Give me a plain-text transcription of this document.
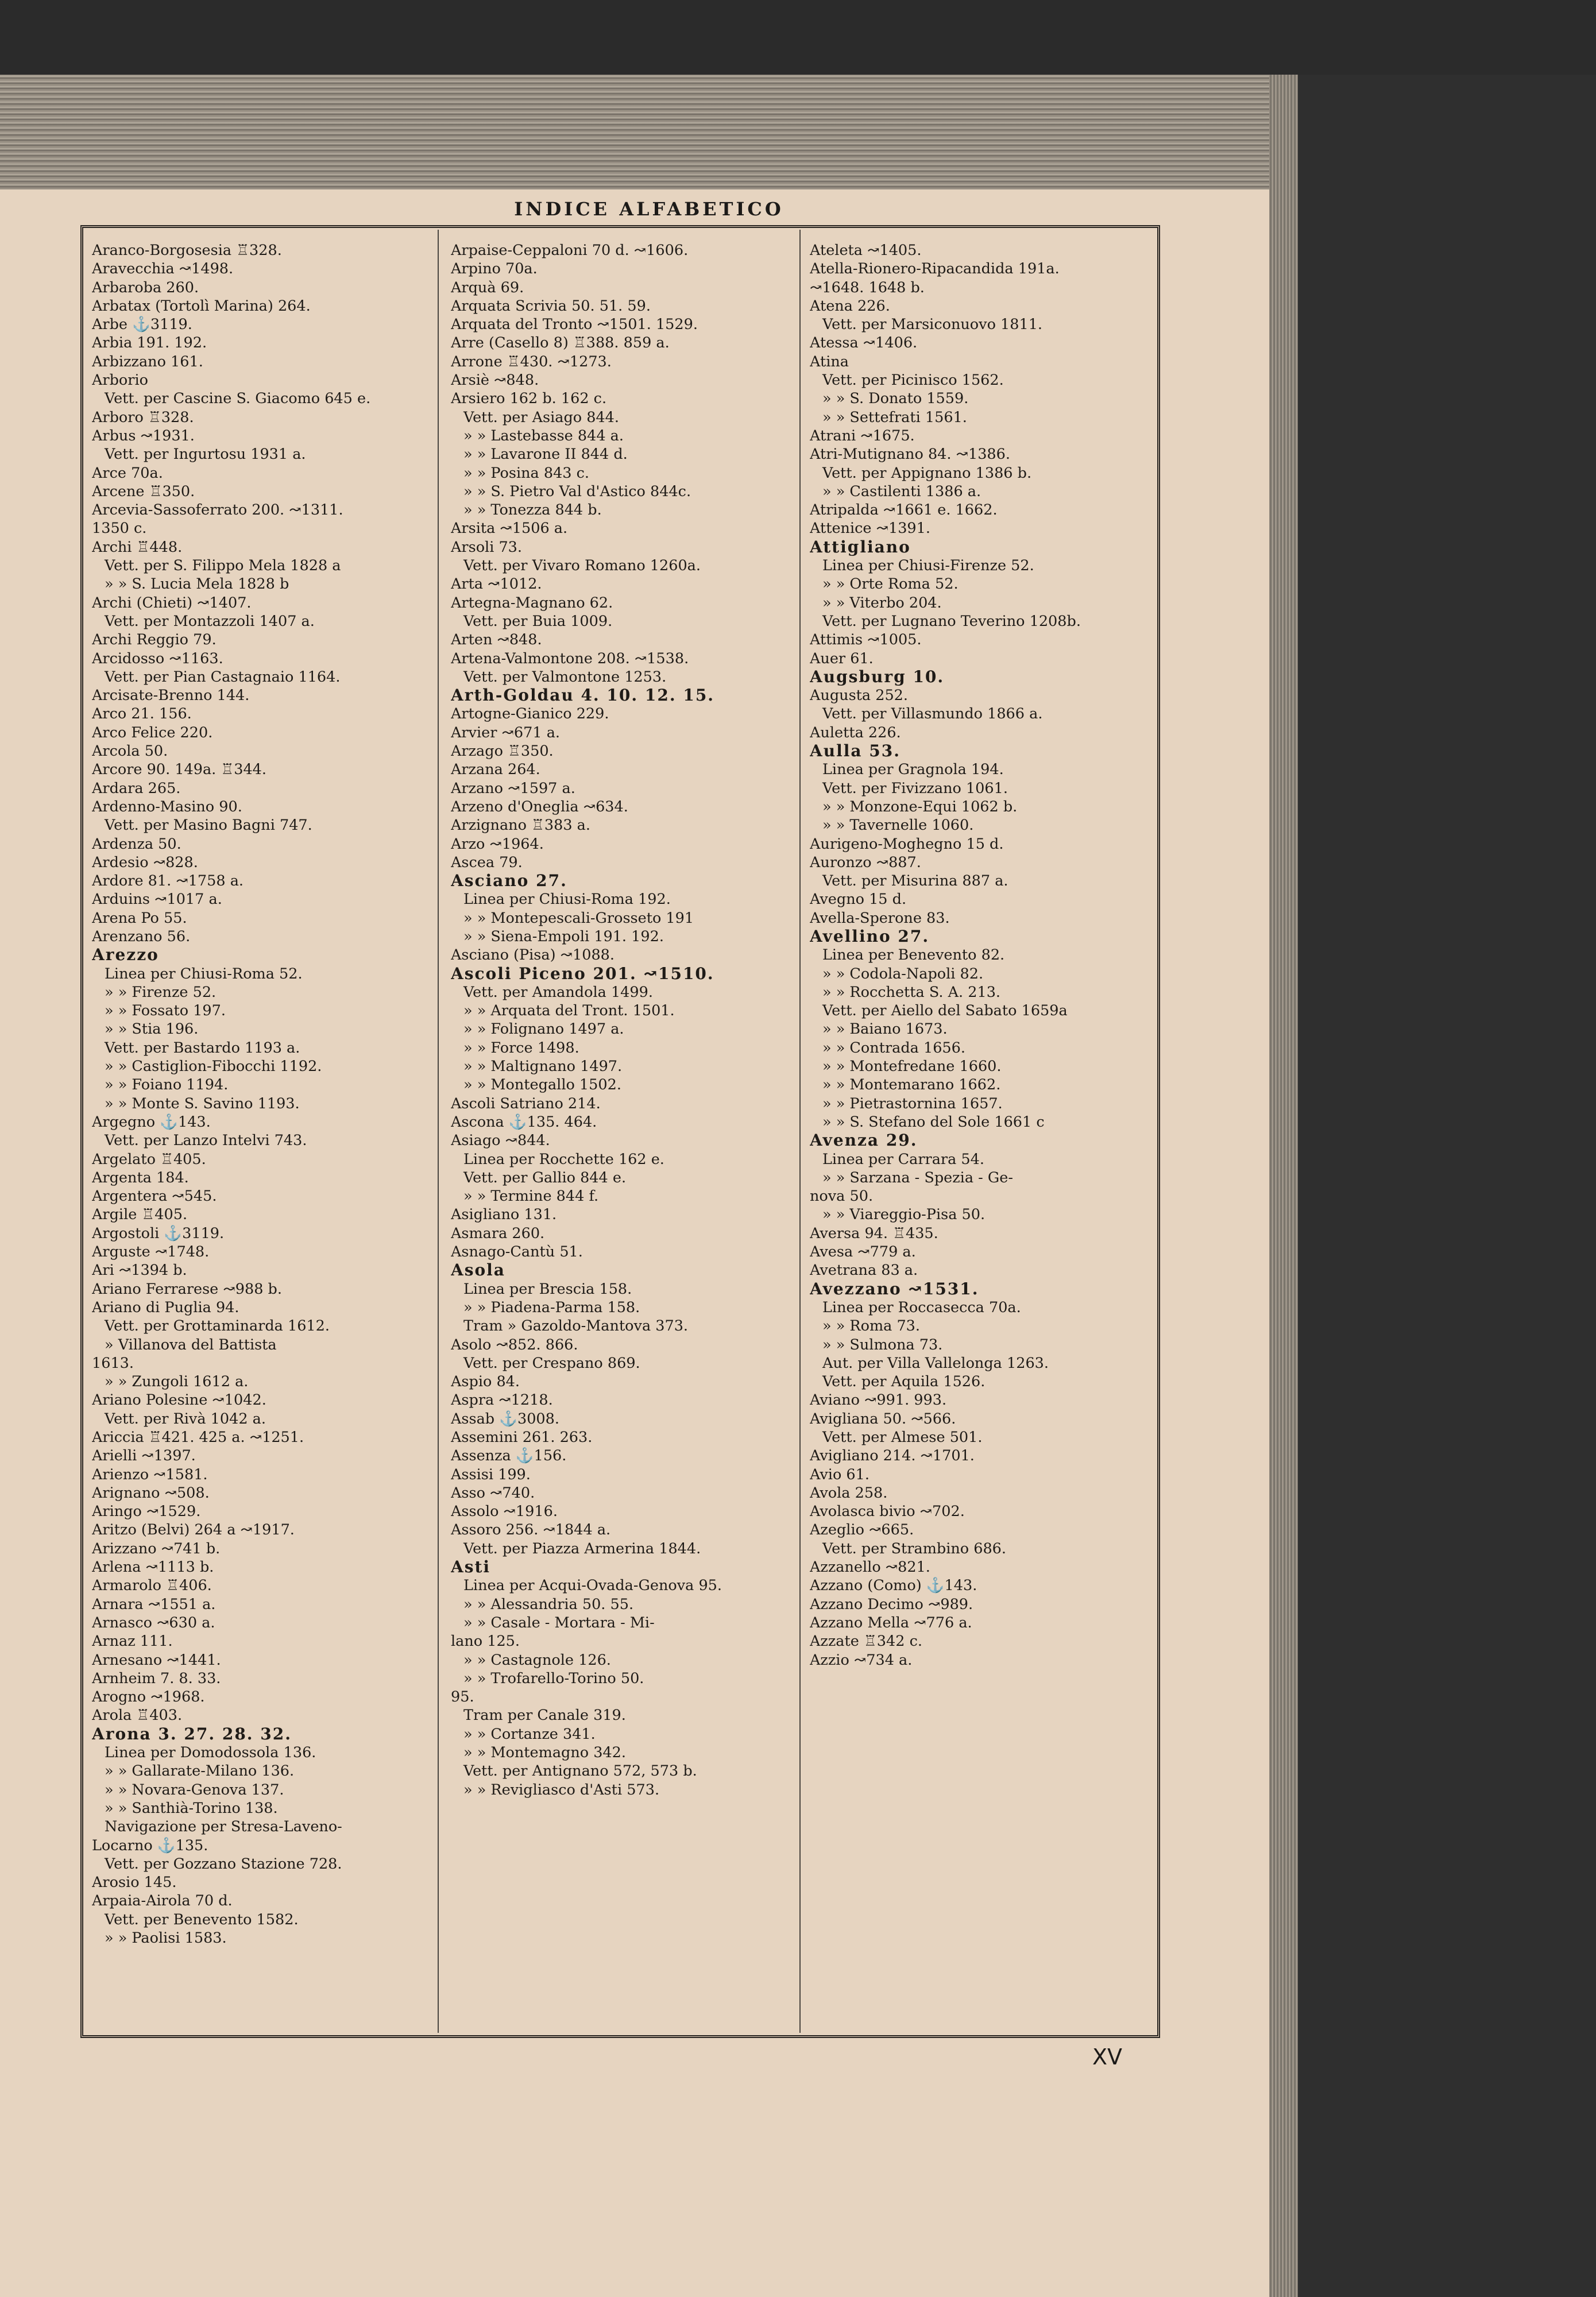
INDICE ALFABETICO
Aranco-Borgosesia ♖328.
Aravecchia ↝1498.
Arbaroba 260.
Arbatax (Tortolì Marina) 264.
Arbe ⚓3119.
Arbia 191. 192.
Arbizzano 161.
Arborio
Vett. per Cascine S. Giacomo 645 e.
Arboro ♖328.
Arbus ↝1931.
Vett. per Ingurtosu 1931 a.
Arce 70a.
Arcene ♖350.
Arcevia-Sassoferrato 200. ↝1311.
1350 c.
Archi ♖448.
Vett. per S. Filippo Mela 1828 a
» » S. Lucia Mela 1828 b
Archi (Chieti) ↝1407.
Vett. per Montazzoli 1407 a.
Archi Reggio 79.
Arcidosso ↝1163.
Vett. per Pian Castagnaio 1164.
Arcisate-Brenno 144.
Arco 21. 156.
Arco Felice 220.
Arcola 50.
Arcore 90. 149a. ♖344.
Ardara 265.
Ardenno-Masino 90.
Vett. per Masino Bagni 747.
Ardenza 50.
Ardesio ↝828.
Ardore 81. ↝1758 a.
Arduins ↝1017 a.
Arena Po 55.
Arenzano 56.
Arezzo
Linea per Chiusi-Roma 52.
» » Firenze 52.
» » Fossato 197.
» » Stia 196.
Vett. per Bastardo 1193 a.
» » Castiglion-Fibocchi 1192.
» » Foiano 1194.
» » Monte S. Savino 1193.
Argegno ⚓143.
Vett. per Lanzo Intelvi 743.
Argelato ♖405.
Argenta 184.
Argentera ↝545.
Argile ♖405.
Argostoli ⚓3119.
Arguste ↝1748.
Ari ↝1394 b.
Ariano Ferrarese ↝988 b.
Ariano di Puglia 94.
Vett. per Grottaminarda 1612.
» Villanova del Battista
1613.
» » Zungoli 1612 a.
Ariano Polesine ↝1042.
Vett. per Rivà 1042 a.
Ariccia ♖421. 425 a. ↝1251.
Arielli ↝1397.
Arienzo ↝1581.
Arignano ↝508.
Aringo ↝1529.
Aritzo (Belvi) 264 a ↝1917.
Arizzano ↝741 b.
Arlena ↝1113 b.
Armarolo ♖406.
Arnara ↝1551 a.
Arnasco ↝630 a.
Arnaz 111.
Arnesano ↝1441.
Arnheim 7. 8. 33.
Arogno ↝1968.
Arola ♖403.
Arona 3. 27. 28. 32.
Linea per Domodossola 136.
» » Gallarate-Milano 136.
» » Novara-Genova 137.
» » Santhià-Torino 138.
Navigazione per Stresa-Laveno-
Locarno ⚓135.
Vett. per Gozzano Stazione 728.
Arosio 145.
Arpaia-Airola 70 d.
Vett. per Benevento 1582.
» » Paolisi 1583.
Arpaise-Ceppaloni 70 d. ↝1606.
Arpino 70a.
Arquà 69.
Arquata Scrivia 50. 51. 59.
Arquata del Tronto ↝1501. 1529.
Arre (Casello 8) ♖388. 859 a.
Arrone ♖430. ↝1273.
Arsiè ↝848.
Arsiero 162 b. 162 c.
Vett. per Asiago 844.
» » Lastebasse 844 a.
» » Lavarone II 844 d.
» » Posina 843 c.
» » S. Pietro Val d'Astico 844c.
» » Tonezza 844 b.
Arsita ↝1506 a.
Arsoli 73.
Vett. per Vivaro Romano 1260a.
Arta ↝1012.
Artegna-Magnano 62.
Vett. per Buia 1009.
Arten ↝848.
Artena-Valmontone 208. ↝1538.
Vett. per Valmontone 1253.
Arth-Goldau 4. 10. 12. 15.
Artogne-Gianico 229.
Arvier ↝671 a.
Arzago ♖350.
Arzana 264.
Arzano ↝1597 a.
Arzeno d'Oneglia ↝634.
Arzignano ♖383 a.
Arzo ↝1964.
Ascea 79.
Asciano 27.
Linea per Chiusi-Roma 192.
» » Montepescali-Grosseto 191
» » Siena-Empoli 191. 192.
Asciano (Pisa) ↝1088.
Ascoli Piceno 201. ↝1510.
Vett. per Amandola 1499.
» » Arquata del Tront. 1501.
» » Folignano 1497 a.
» » Force 1498.
» » Maltignano 1497.
» » Montegallo 1502.
Ascoli Satriano 214.
Ascona ⚓135. 464.
Asiago ↝844.
Linea per Rocchette 162 e.
Vett. per Gallio 844 e.
» » Termine 844 f.
Asigliano 131.
Asmara 260.
Asnago-Cantù 51.
Asola
Linea per Brescia 158.
» » Piadena-Parma 158.
Tram » Gazoldo-Mantova 373.
Asolo ↝852. 866.
Vett. per Crespano 869.
Aspio 84.
Aspra ↝1218.
Assab ⚓3008.
Assemini 261. 263.
Assenza ⚓156.
Assisi 199.
Asso ↝740.
Assolo ↝1916.
Assoro 256. ↝1844 a.
Vett. per Piazza Armerina 1844.
Asti
Linea per Acqui-Ovada-Genova 95.
» » Alessandria 50. 55.
» » Casale - Mortara - Mi-
lano 125.
» » Castagnole 126.
» » Trofarello-Torino 50.
95.
Tram per Canale 319.
» » Cortanze 341.
» » Montemagno 342.
Vett. per Antignano 572, 573 b.
» » Revigliasco d'Asti 573.
Ateleta ↝1405.
Atella-Rionero-Ripacandida 191a.
↝1648. 1648 b.
Atena 226.
Vett. per Marsiconuovo 1811.
Atessa ↝1406.
Atina
Vett. per Picinisco 1562.
» » S. Donato 1559.
» » Settefrati 1561.
Atrani ↝1675.
Atri-Mutignano 84. ↝1386.
Vett. per Appignano 1386 b.
» » Castilenti 1386 a.
Atripalda ↝1661 e. 1662.
Attenice ↝1391.
Attigliano
Linea per Chiusi-Firenze 52.
» » Orte Roma 52.
» » Viterbo 204.
Vett. per Lugnano Teverino 1208b.
Attimis ↝1005.
Auer 61.
Augsburg 10.
Augusta 252.
Vett. per Villasmundo 1866 a.
Auletta 226.
Aulla 53.
Linea per Gragnola 194.
Vett. per Fivizzano 1061.
» » Monzone-Equi 1062 b.
» » Tavernelle 1060.
Aurigeno-Moghegno 15 d.
Auronzo ↝887.
Vett. per Misurina 887 a.
Avegno 15 d.
Avella-Sperone 83.
Avellino 27.
Linea per Benevento 82.
» » Codola-Napoli 82.
» » Rocchetta S. A. 213.
Vett. per Aiello del Sabato 1659a
» » Baiano 1673.
» » Contrada 1656.
» » Montefredane 1660.
» » Montemarano 1662.
» » Pietrastornina 1657.
» » S. Stefano del Sole 1661 c
Avenza 29.
Linea per Carrara 54.
» » Sarzana - Spezia - Ge-
nova 50.
» » Viareggio-Pisa 50.
Aversa 94. ♖435.
Avesa ↝779 a.
Avetrana 83 a.
Avezzano ↝1531.
Linea per Roccasecca 70a.
» » Roma 73.
» » Sulmona 73.
Aut. per Villa Vallelonga 1263.
Vett. per Aquila 1526.
Aviano ↝991. 993.
Avigliana 50. ↝566.
Vett. per Almese 501.
Avigliano 214. ↝1701.
Avio 61.
Avola 258.
Avolasca bivio ↝702.
Azeglio ↝665.
Vett. per Strambino 686.
Azzanello ↝821.
Azzano (Como) ⚓143.
Azzano Decimo ↝989.
Azzano Mella ↝776 a.
Azzate ♖342 c.
Azzio ↝734 a.
XV
